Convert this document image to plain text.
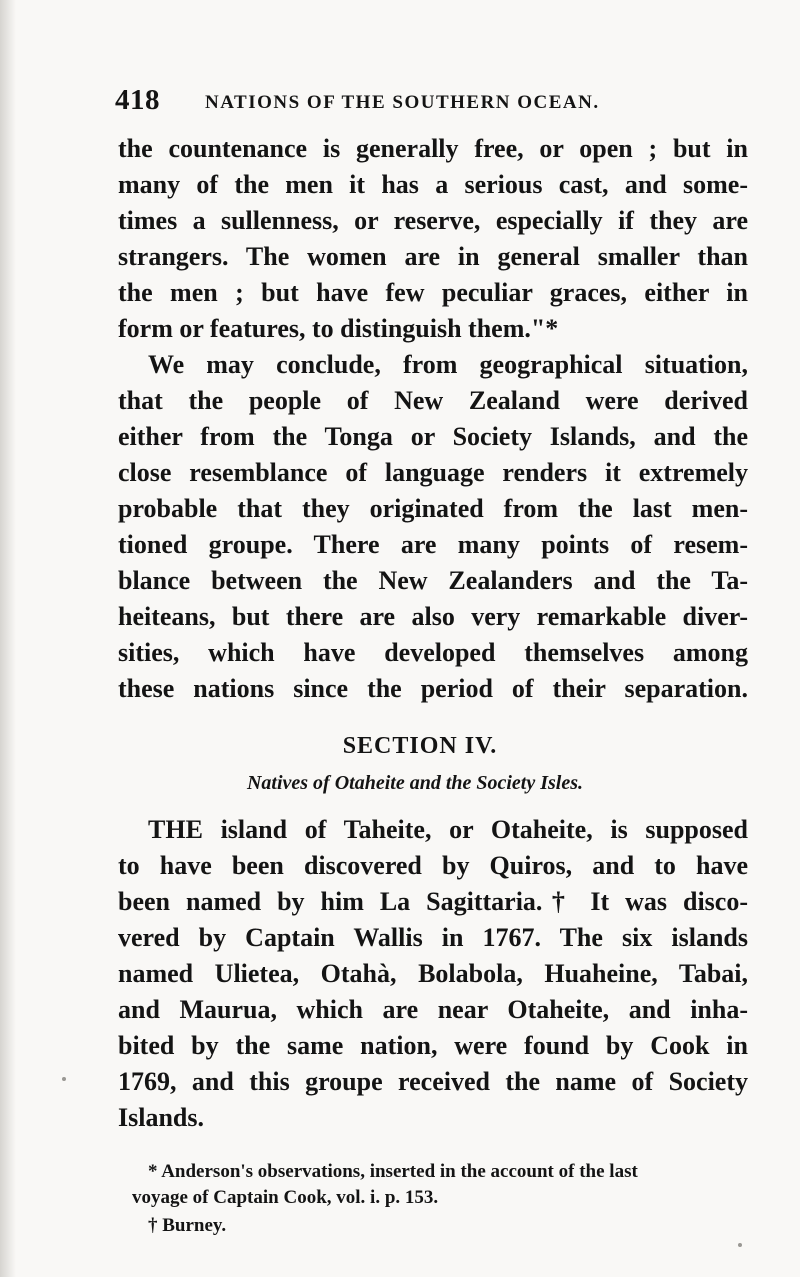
418 NATIONS OF THE SOUTHERN OCEAN.
the countenance is generally free, or open ; but in
many of the men it has a serious cast, and some-
times a sullenness, or reserve, especially if they are
strangers. The women are in general smaller than
the men ; but have few peculiar graces, either in
form or features, to distinguish them."*
We may conclude, from geographical situation,
that the people of New Zealand were derived
either from the Tonga or Society Islands, and the
close resemblance of language renders it extremely
probable that they originated from the last men-
tioned groupe. There are many points of resem-
blance between the New Zealanders and the Ta-
heiteans, but there are also very remarkable diver-
sities, which have developed themselves among
these nations since the period of their separation.
SECTION IV.
Natives of Otaheite and the Society Isles.
THE island of Taheite, or Otaheite, is supposed
to have been discovered by Quiros, and to have
been named by him La Sagittaria.† It was disco-
vered by Captain Wallis in 1767. The six islands
named Ulietea, Otahà, Bolabola, Huaheine, Tabai,
and Maurua, which are near Otaheite, and inha-
bited by the same nation, were found by Cook in
1769, and this groupe received the name of Society
Islands.
* Anderson's observations, inserted in the account of the last
voyage of Captain Cook, vol. i. p. 153.
† Burney.
